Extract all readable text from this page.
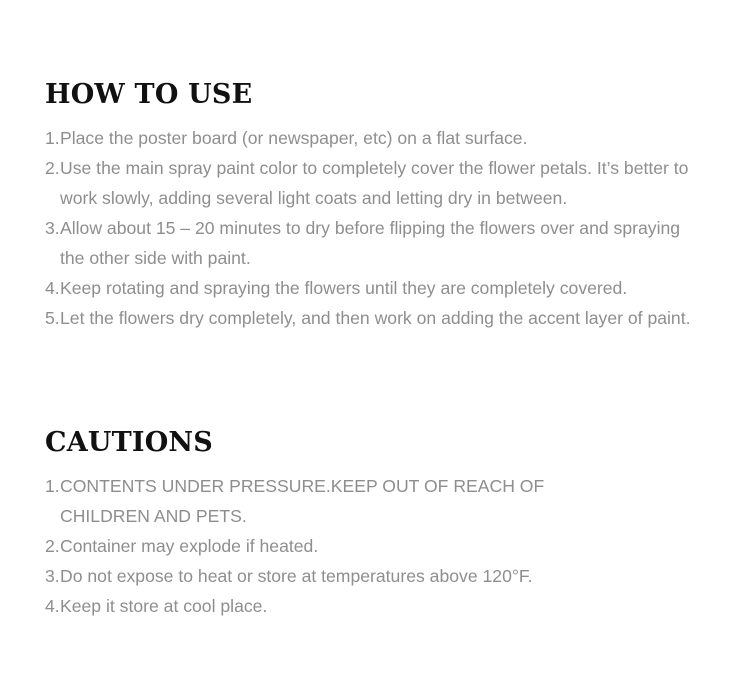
HOW TO USE
1. Place the poster board (or newspaper, etc) on a flat surface.
2. Use the main spray paint color to completely cover the flower petals. It’s better to work slowly, adding several light coats and letting dry in between.
3. Allow about 15 – 20 minutes to dry before flipping the flowers over and spraying the other side with paint.
4. Keep rotating and spraying the flowers until they are completely covered.
5. Let the flowers dry completely, and then work on adding the accent layer of paint.
CAUTIONS
1. CONTENTS UNDER PRESSURE.KEEP OUT OF REACH OF CHILDREN AND PETS.
2. Container may explode if heated.
3. Do not expose to heat or store at temperatures above 120°F.
4. Keep it store at cool place.
